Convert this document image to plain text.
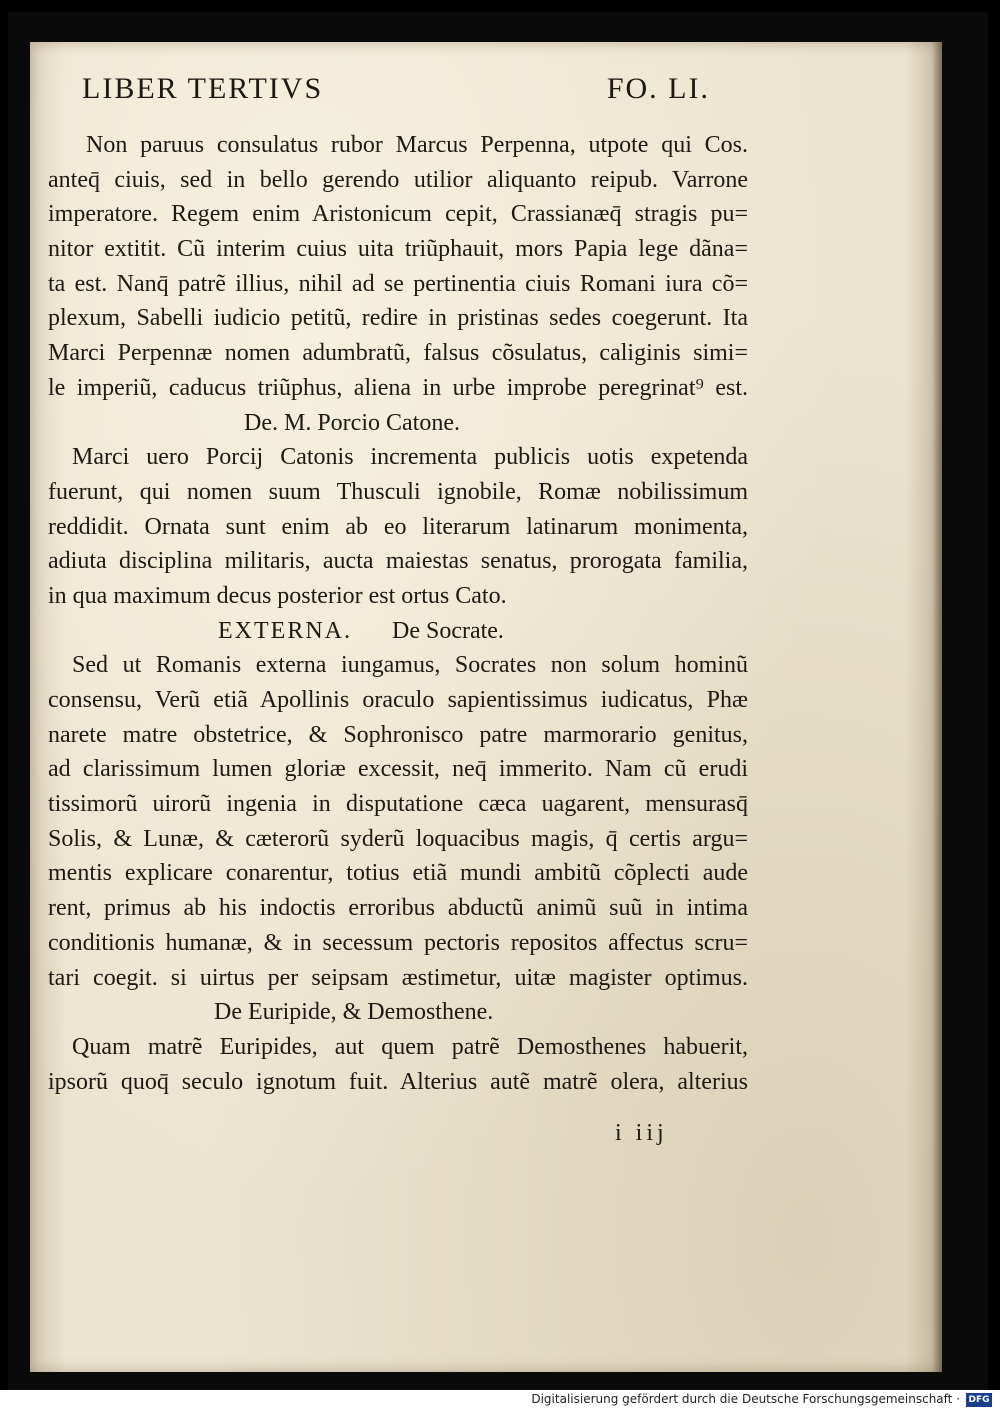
LIBER TERTIVS	FO. LI.
Non paruus consulatus rubor Marcus Perpenna, utpote qui Cos.
anteq̄ ciuis, sed in bello gerendo utilior aliquanto reipub. Varrone
imperatore. Regem enim Aristonicum cepit, Crassianæq̄ stragis pu=
nitor extitit. Cũ interim cuius uita triũphauit, mors Papia lege dãna=
ta est. Nanq̄ patrẽ illius, nihil ad se pertinentia ciuis Romani iura cõ=
plexum, Sabelli iudicio petitũ, redire in pristinas sedes coegerunt. Ita
Marci Perpennæ nomen adumbratũ, falsus cõsulatus, caliginis simi=
le imperiũ, caducus triũphus, aliena in urbe improbe peregrinat⁹ est.
De. M. Porcio Catone.
Marci uero Porcij Catonis incrementa publicis uotis expetenda
fuerunt, qui nomen suum Thusculi ignobile, Romæ nobilissimum
reddidit. Ornata sunt enim ab eo literarum latinarum monimenta,
adiuta disciplina militaris, aucta maiestas senatus, prorogata familia,
in qua maximum decus posterior est ortus Cato.
EXTERNA. De Socrate.
Sed ut Romanis externa iungamus, Socrates non solum hominũ
consensu, Verũ etiã Apollinis oraculo sapientissimus iudicatus, Phæ
narete matre obstetrice, & Sophronisco patre marmorario genitus,
ad clarissimum lumen gloriæ excessit, neq̄ immerito. Nam cũ erudi
tissimorũ uirorũ ingenia in disputatione cæca uagarent, mensurasq̄
Solis, & Lunæ, & cæterorũ syderũ loquacibus magis, q̄ certis argu=
mentis explicare conarentur, totius etiã mundi ambitũ cõplecti aude
rent, primus ab his indoctis erroribus abductũ animũ suũ in intima
conditionis humanæ, & in secessum pectoris repositos affectus scru=
tari coegit. si uirtus per seipsam æstimetur, uitæ magister optimus.
De Euripide, & Demosthene.
Quam matrẽ Euripides, aut quem patrẽ Demosthenes habuerit,
ipsorũ quoq̄ seculo ignotum fuit. Alterius autẽ matrẽ olera, alterius
i iij
Digitalisierung gefördert durch die Deutsche Forschungsgemeinschaft · DFG
